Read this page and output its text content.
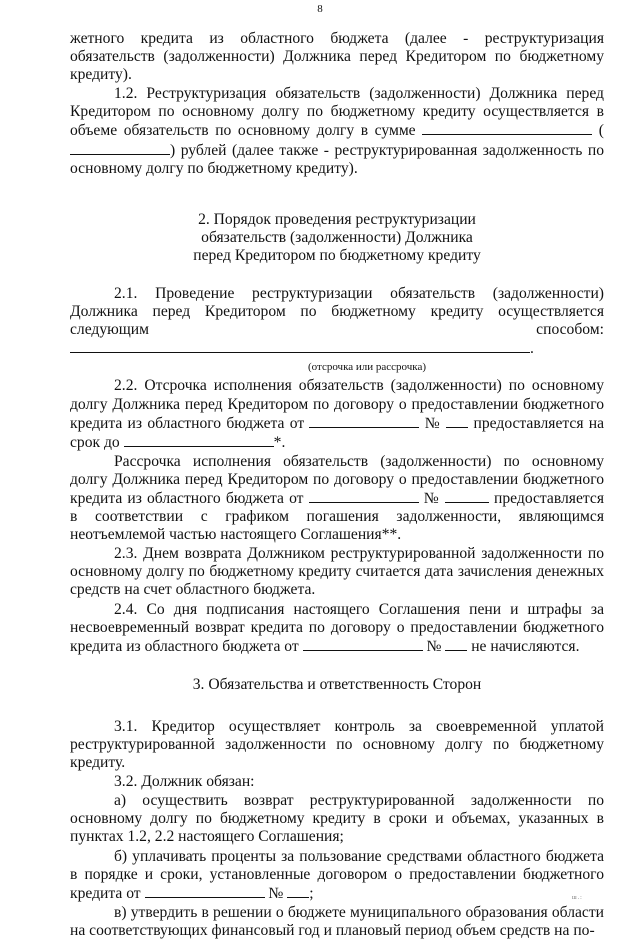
8

жетного кредита из областного бюджета (далее - реструктуризация обязательств (задолженности) Должника перед Кредитором по бюджетному кредиту).

1.2. Реструктуризация обязательств (задолженности) Должника перед Кредитором по основному долгу по бюджетному кредиту осуществляется в объеме обязательств по основному долгу в сумме	() рублей (далее также - реструктурированная задолженность по основному долгу по бюджетному кредиту).

2. Порядок проведения реструктуризации
обязательств (задолженности) Должника
перед Кредитором по бюджетному кредиту

2.1. Проведение реструктуризации обязательств (задолженности) Должника перед Кредитором по бюджетному кредиту осуществляется следующим способом:.

(отсрочка или рассрочка)

2.2. Отсрочка исполнения обязательств (задолженности) по основному долгу Должника перед Кредитором по договору о предоставлении бюджетного кредита из областного бюджета от	№ предоставляется на срок до	*.

Рассрочка исполнения обязательств (задолженности) по основному долгу Должника перед Кредитором по договору о предоставлении бюджетного кредита из областного бюджета от	№	предоставляется в соответствии с графиком погашения задолженности, являющимся неотъемлемой частью настоящего Соглашения**.

2.3. Днем возврата Должником реструктурированной задолженности по основному долгу по бюджетному кредиту считается дата зачисления денежных средств на счет областного бюджета.

2.4. Со дня подписания настоящего Соглашения пени и штрафы за несвоевременный возврат кредита по договору о предоставлении бюджетного кредита из областного бюджета от	№ не начисляются.

3. Обязательства и ответственность Сторон

3.1. Кредитор осуществляет контроль за своевременной уплатой реструктурированной задолженности по основному долгу по бюджетному кредиту.

3.2. Должник обязан:

а) осуществить возврат реструктурированной задолженности по основному долгу по бюджетному кредиту в сроки и объемах, указанных в пунктах 1.2, 2.2 настоящего Соглашения;

б) уплачивать проценты за пользование средствами областного бюджета в порядке и сроки, установленные договором о предоставлении бюджетного кредита от	№ ;

в) утвердить в решении о бюджете муниципального образования области на соответствующих финансовый год и плановый период объем средств на по-

ш.:
